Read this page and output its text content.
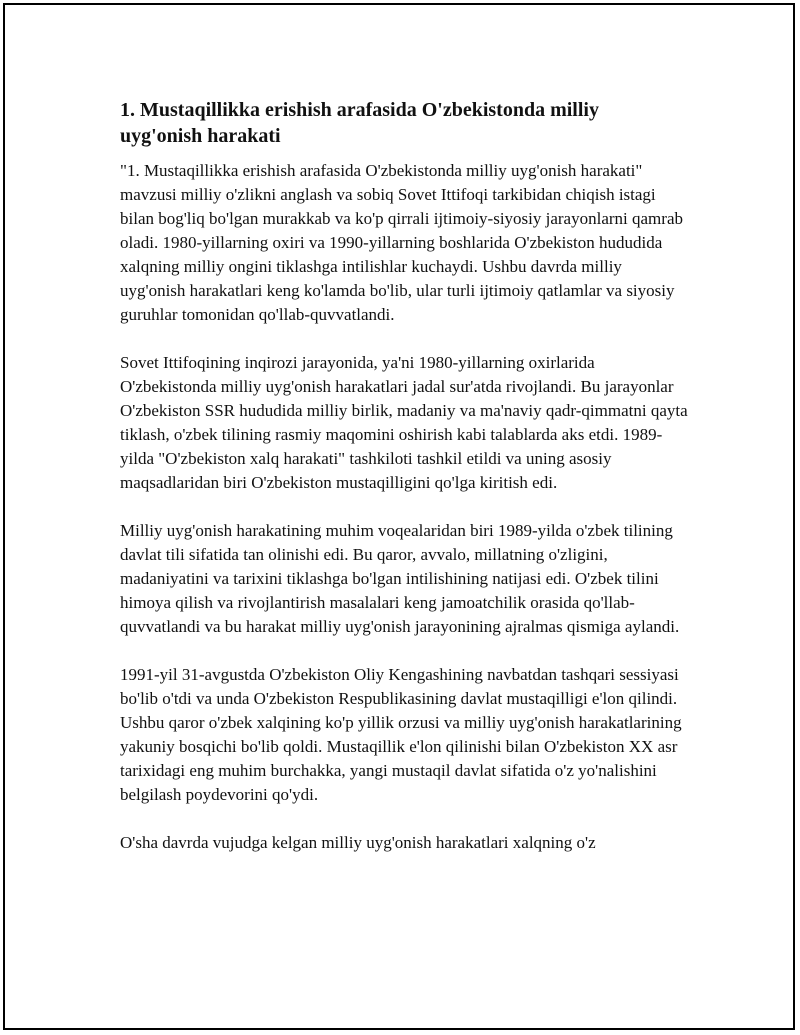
1. Mustaqillikka erishish arafasida O'zbekistonda milliy uyg'onish harakati

"1. Mustaqillikka erishish arafasida O'zbekistonda milliy uyg'onish harakati" mavzusi milliy o'zlikni anglash va sobiq Sovet Ittifoqi tarkibidan chiqish istagi bilan bog'liq bo'lgan murakkab va ko'p qirrali ijtimoiy-siyosiy jarayonlarni qamrab oladi. 1980-yillarning oxiri va 1990-yillarning boshlarida O'zbekiston hududida xalqning milliy ongini tiklashga intilishlar kuchaydi. Ushbu davrda milliy uyg'onish harakatlari keng ko'lamda bo'lib, ular turli ijtimoiy qatlamlar va siyosiy guruhlar tomonidan qo'llab-quvvatlandi.

Sovet Ittifoqining inqirozi jarayonida, ya'ni 1980-yillarning oxirlarida O'zbekistonda milliy uyg'onish harakatlari jadal sur'atda rivojlandi. Bu jarayonlar O'zbekiston SSR hududida milliy birlik, madaniy va ma'naviy qadr-qimmatni qayta tiklash, o'zbek tilining rasmiy maqomini oshirish kabi talablarda aks etdi. 1989-yilda "O'zbekiston xalq harakati" tashkiloti tashkil etildi va uning asosiy maqsadlaridan biri O'zbekiston mustaqilligini qo'lga kiritish edi.

Milliy uyg'onish harakatining muhim voqealaridan biri 1989-yilda o'zbek tilining davlat tili sifatida tan olinishi edi. Bu qaror, avvalo, millatning o'zligini, madaniyatini va tarixini tiklashga bo'lgan intilishining natijasi edi. O'zbek tilini himoya qilish va rivojlantirish masalalari keng jamoatchilik orasida qo'llab-quvvatlandi va bu harakat milliy uyg'onish jarayonining ajralmas qismiga aylandi.

1991-yil 31-avgustda O'zbekiston Oliy Kengashining navbatdan tashqari sessiyasi bo'lib o'tdi va unda O'zbekiston Respublikasining davlat mustaqilligi e'lon qilindi. Ushbu qaror o'zbek xalqining ko'p yillik orzusi va milliy uyg'onish harakatlarining yakuniy bosqichi bo'lib qoldi. Mustaqillik e'lon qilinishi bilan O'zbekiston XX asr tarixidagi eng muhim burchakka, yangi mustaqil davlat sifatida o'z yo'nalishini belgilash poydevorini qo'ydi.

O'sha davrda vujudga kelgan milliy uyg'onish harakatlari xalqning o'z
